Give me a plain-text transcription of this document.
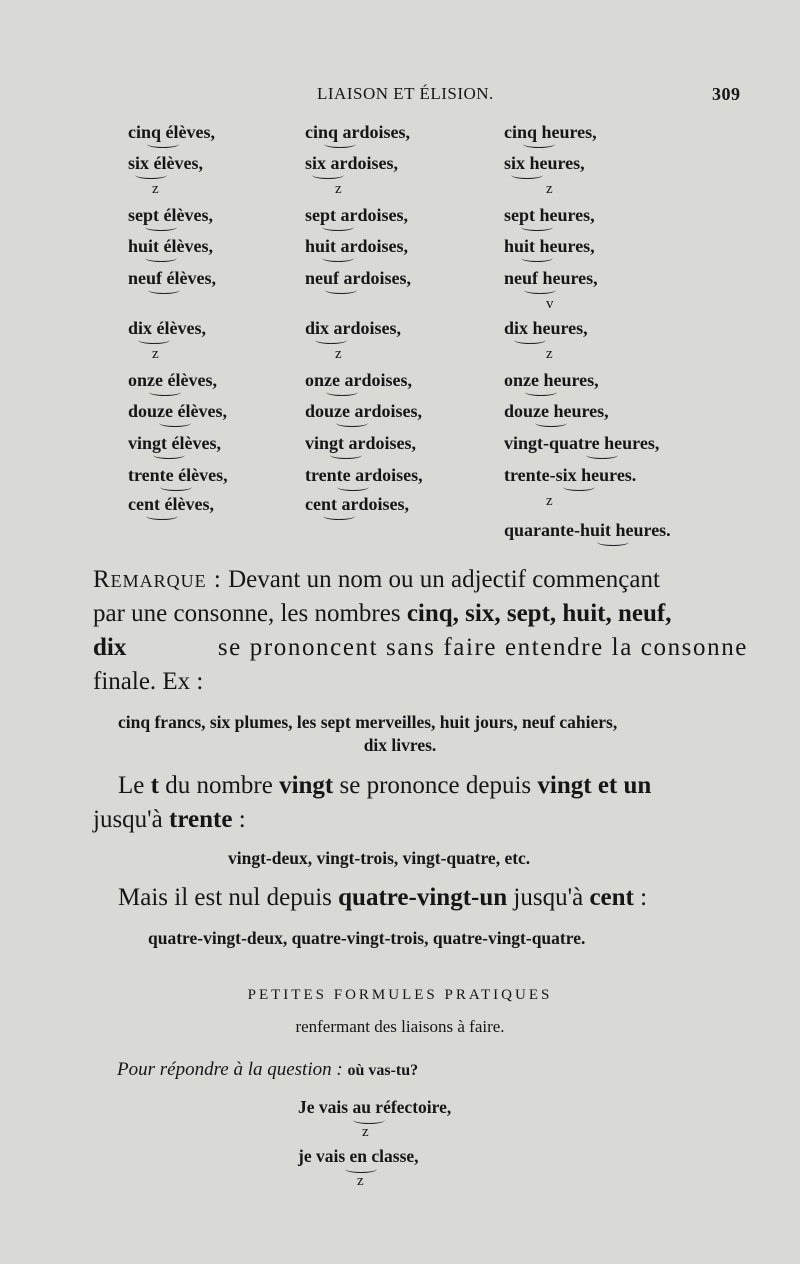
LIAISON ET ÉLISION.	309
cinq élèves,
six élèves,
z
sept élèves,
huit élèves,
neuf élèves,
dix élèves,
z
onze élèves,
douze élèves,
vingt élèves,
trente élèves,
cent élèves,
cinq ardoises,
six ardoises,
z
sept ardoises,
huit ardoises,
neuf ardoises,
dix ardoises,
z
onze ardoises,
douze ardoises,
vingt ardoises,
trente ardoises,
cent ardoises,
cinq heures,
six heures,
z
sept heures,
huit heures,
neuf heures,
v
dix heures,
z
onze heures,
douze heures,
vingt-quatre heures,
trente-six heures.
z
quarante-huit heures.
Remarque : Devant un nom ou un adjectif commençant
par une consonne, les nombres cinq, six, sept, huit, neuf,
dix	se prononcent sans faire entendre la consonne
finale. Ex :
cinq francs, six plumes, les sept merveilles, huit jours, neuf cahiers,
dix livres.
Le t du nombre vingt se prononce depuis vingt et un
jusqu'à trente :
vingt-deux, vingt-trois, vingt-quatre, etc.
Mais il est nul depuis quatre-vingt-un jusqu'à cent :
quatre-vingt-deux, quatre-vingt-trois, quatre-vingt-quatre.
PETITES FORMULES PRATIQUES
renfermant des liaisons à faire.
Pour répondre à la question : où vas-tu?
Je vais au réfectoire,
z
je vais en classe,
z
